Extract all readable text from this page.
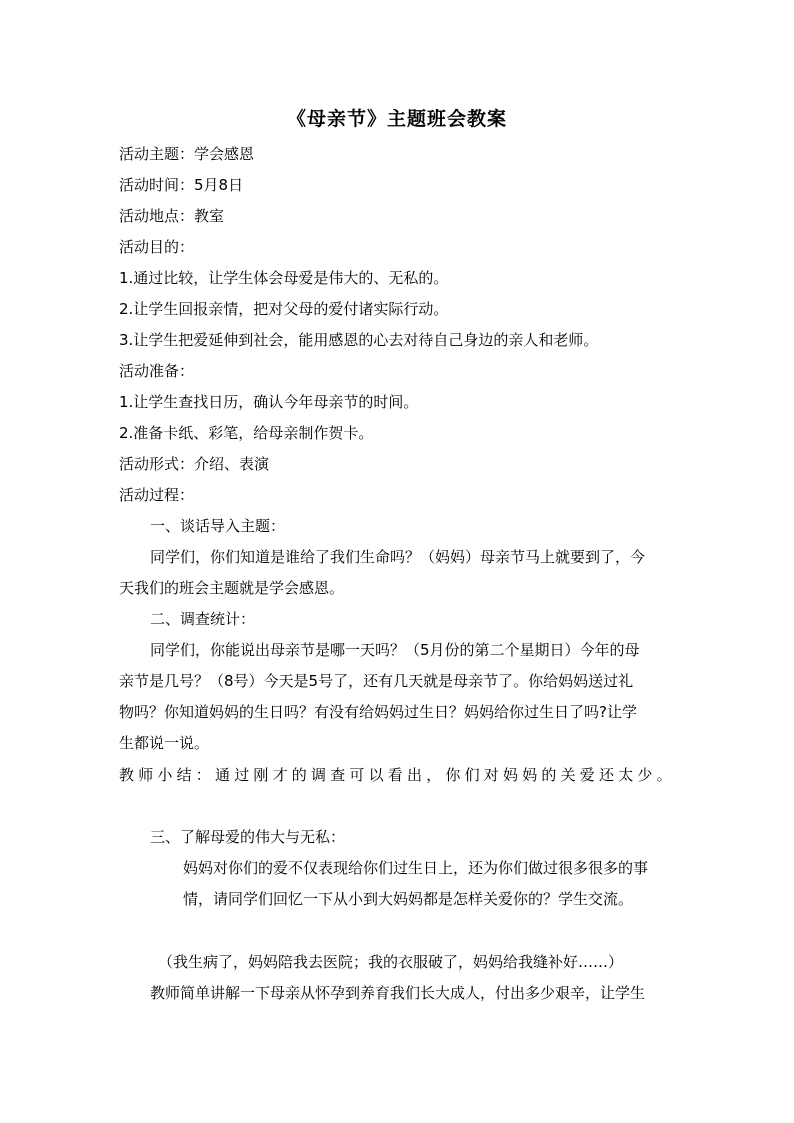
《母亲节》主题班会教案
活动主题：学会感恩
活动时间：5月8日
活动地点：教室
活动目的：
1.通过比较，让学生体会母爱是伟大的、无私的。
2.让学生回报亲情，把对父母的爱付诸实际行动。
3.让学生把爱延伸到社会，能用感恩的心去对待自己身边的亲人和老师。
活动准备：
1.让学生查找日历，确认今年母亲节的时间。
2.准备卡纸、彩笔，给母亲制作贺卡。
活动形式：介绍、表演
活动过程：
一、谈话导入主题：
同学们，你们知道是谁给了我们生命吗？（妈妈）母亲节马上就要到了，今
天我们的班会主题就是学会感恩。
二、调查统计：
同学们，你能说出母亲节是哪一天吗？（5月份的第二个星期日）今年的母
亲节是几号？（8号）今天是5号了，还有几天就是母亲节了。你给妈妈送过礼
物吗？你知道妈妈的生日吗？有没有给妈妈过生日？妈妈给你过生日了吗?让学
生都说一说。
教师小结：通过刚才的调查可以看出，你们对妈妈的关爱还太少。
三、了解母爱的伟大与无私：
妈妈对你们的爱不仅表现给你们过生日上，还为你们做过很多很多的事
情，请同学们回忆一下从小到大妈妈都是怎样关爱你的？学生交流。
（我生病了，妈妈陪我去医院；我的衣服破了，妈妈给我缝补好……）
教师简单讲解一下母亲从怀孕到养育我们长大成人，付出多少艰辛，让学生
